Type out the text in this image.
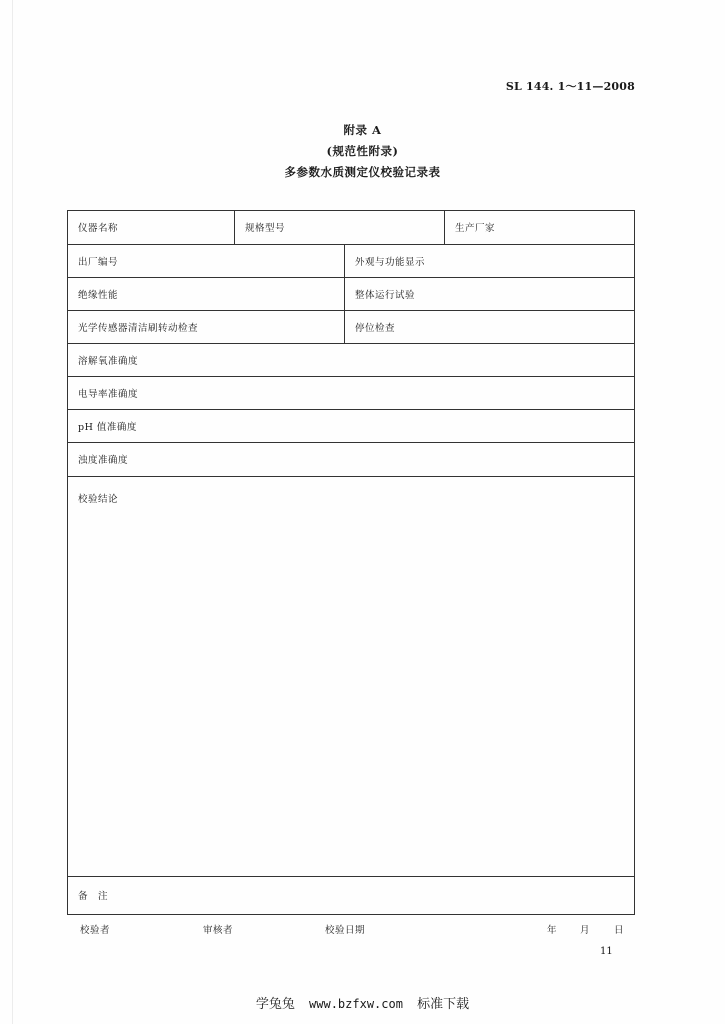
SL 144. 1～11—2008
附录 A
(规范性附录)
多参数水质测定仪校验记录表
仪器名称	规格型号	生产厂家
出厂编号	外观与功能显示
绝缘性能	整体运行试验
光学传感器清洁刷转动检查	停位检查
溶解氧准确度
电导率准确度
pH 值准确度
浊度准确度
校验结论
备　注
校验者	审核者	校验日期	年 月	日
11
学兔兔 www.bzfxw.com 标准下载
